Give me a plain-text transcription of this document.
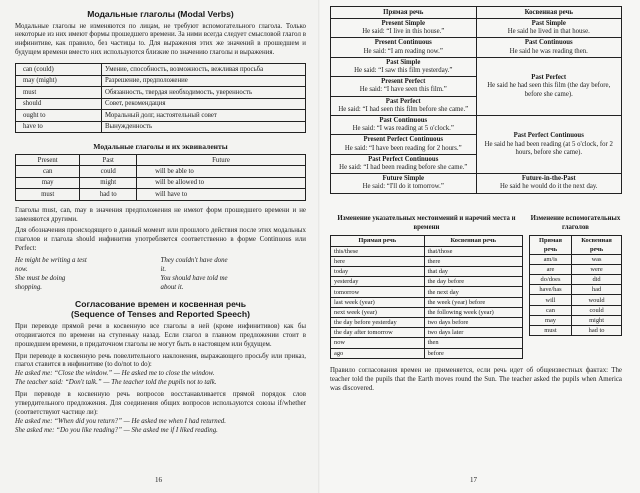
Модальные глаголы (Modal Verbs)

Модальные глаголы не изменяются по лицам, не требуют вспомогательного глагола. Только некоторые из них имеют формы прошедшего времени. За ними всегда следует смысловой глагол в инфинитиве, как правило, без частицы to. Для выражения этих же значений в прошедшем и будущем времени вместо них используются близкие по значению глаголы и выражения.

can (could)	Умение, способность, возможность, вежливая просьба
may (might)	Разрешение, предположение
must	Обязанность, твердая необходимость, уверенность
should	Совет, рекомендация
ought to	Моральный долг, настоятельный совет
have to	Вынужденность
Модальные глаголы и их эквиваленты
Present	Past	Future
can	could	will be able to
may	might	will be allowed to
must	had to	will have to

Глаголы must, can, may в значения предположения не имеют форм прошедшего времени и не заменяются другими.

Для обозначения происходящего в данный момент или прошлого действия после этих модальных глаголов и глагола should инфинитив употребляется соответственно в форме Continuous или Perfect:

He might be writing a test now.
She must be doing shopping.
They couldn't have done it.
You should have told me about it.
Согласование времен и косвенная речь
(Sequence of Tenses and Reported Speech)

При переводе прямой речи в косвенную все глаголы в ней (кроме инфинитивов) как бы отодвигаются по времени на ступеньку назад. Если глагол в главном предложении стоит в прошедшем времени, в придаточном глаголы не могут быть в настоящем или будущем.

При переводе в косвенную речь повелительного наклонения, выражающего просьбу или приказ, глагол ставится в инфинитиве (to do/not to do):

He asked me: “Close the window.” — He asked me to close the window.
The teacher said: “Don't talk.” — The teacher told the pupils not to talk.

При переводе в косвенную речь вопросов восстанавливается прямой порядок слов утвердительного предложения. Для соединения общих вопросов используются союзы if/whether (соответствуют частице ли):

He asked me: “When did you return?” — He asked me when I had returned.
She asked me: “Do you like reading?” — She asked me if I liked reading.
16
Прямая речь	Косвенная речь

Present Simple
He said: “I live in this house.”	Past Simple
He said he lived in that house.

Present Continuous
He said: “I am reading now.”	Past Continuous
He said he was reading then.

Past Simple
He said: “I saw this film yesterday.”	Past Perfect
He said he had seen this film (the day before, before she came).

Present Perfect
He said: “I have seen this film.”	

Past Perfect
He said: “I had seen this film before she came.”	

Past Continuous
He said: “I was reading at 5 o'clock.”	Past Perfect Continuous
He said he had been reading (at 5 o'clock, for 2 hours, before she came).

Present Perfect Continuous
He said: “I have been reading for 2 hours.”	

Past Perfect Continuous
He said: “I had been reading before she came.”	

Future Simple
He said: “I'll do it tomorrow.”	Future-in-the-Past
He said he would do it the next day.
Изменение указательных местоимений и наречий места и времени
Прямая речь	Косвенная речь
this/these	that/those
here	there
today	that day
yesterday	the day before
tomorrow	the next day
last week (year)	the week (year) before
next week (year)	the following week (year)
the day before yesterday	two days before
the day after tomorrow	two days later
now	then
ago	before
Изменение вспомогательных глаголов
Прямая речь	Косвенная речь
am/is	was
are	were
do/does	did
have/has	had
will	would
can	could
may	might
must	had to

Правило согласования времен не применяется, если речь идет об общеизвестных фактах: The teacher told the pupils that the Earth moves round the Sun. The teacher asked the pupils when America was discovered.

17
